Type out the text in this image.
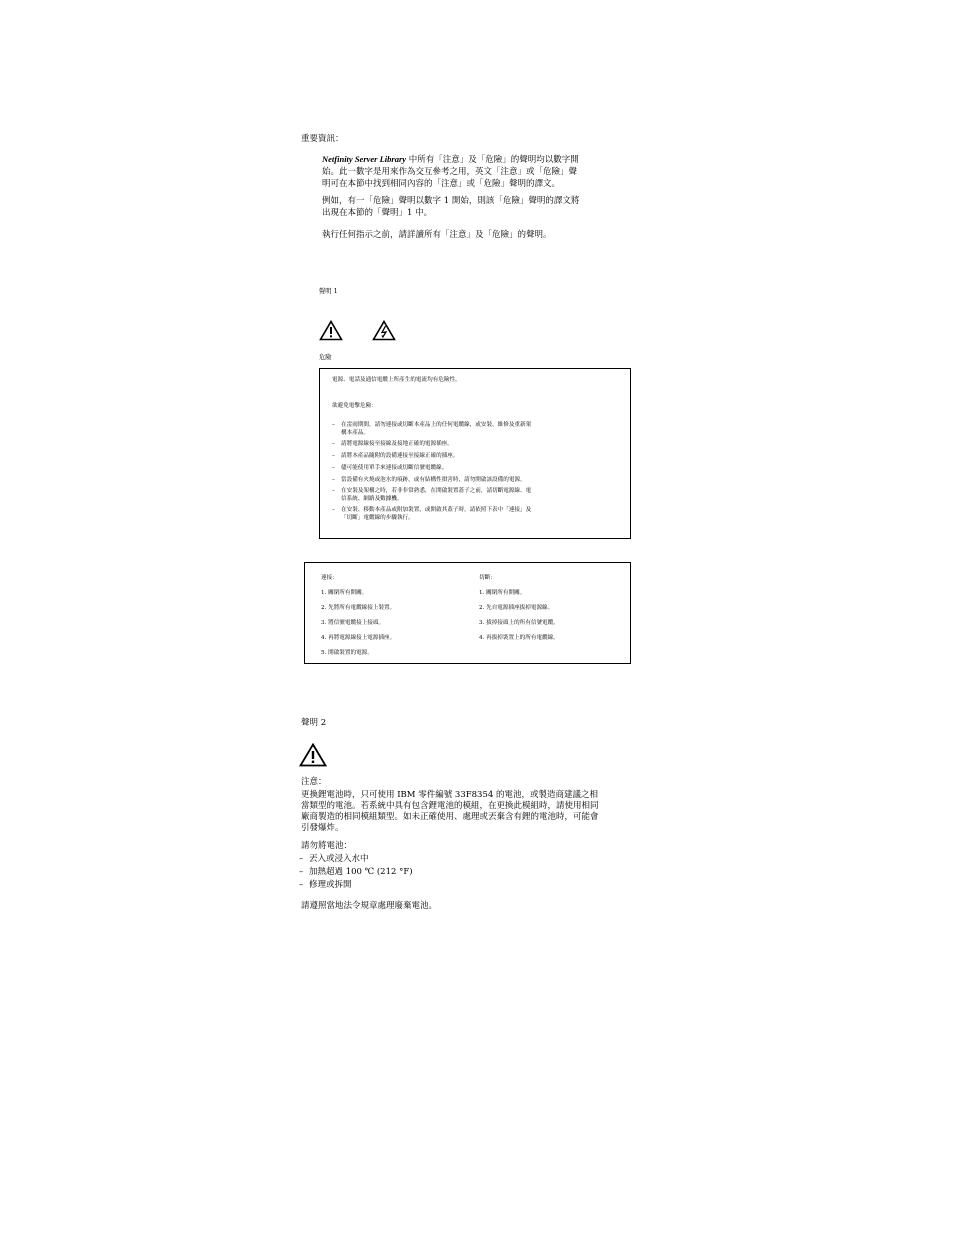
重要資訊：
Netfinity Server Library 中所有「注意」及「危險」的聲明均以數字開
始。此一數字是用來作為交互參考之用，英文「注意」或「危險」聲
明可在本節中找到相同內容的「注意」或「危險」聲明的譯文。
例如，有一「危險」聲明以數字 1 開始，則該「危險」聲明的譯文將
出現在本節的「聲明」1 中。
執行任何指示之前，請詳讀所有「注意」及「危險」的聲明。
聲明 1
危險
電源、電話及通信電纜上所產生的電流均有危險性。
欲避免電擊危險：
– 在雷雨期間，請勿連接或切斷本產品上的任何電纜線，或安裝、維修及重新架
構本產品。
– 請將電源線接至接線及接地正確的電源插座。
– 請將本產品隨附的設備連接至接線正確的插座。
– 儘可能使用單手來連接或切斷信號電纜線。
– 當設備有火燒或泡水的痕跡，或有結構性損害時，請勿開啟該設備的電源。
– 在安裝及架構之時，若非非常熟悉，在開啟裝置蓋子之前，請切斷電源線、電
信系統、網路及數據機。
– 在安裝、移動本產品或附加裝置，或開啟其蓋子時，請依照下表中「連接」及
「切斷」電纜線的步驟執行。
連接：
1. 關閉所有開關。
2. 先將所有電纜線接上裝置。
3. 將信號電纜接上接頭。
4. 再將電源線接上電源插座。
5. 開啟裝置的電源。
切斷：
1. 關閉所有開關。
2. 先自電源插座拔掉電源線。
3. 拔掉接頭上的所有信號電纜。
4. 再拔掉裝置上的所有電纜線。
聲明 2
注意：
更換鋰電池時，只可使用 IBM 零件編號 33F8354 的電池，或製造商建議之相
當類型的電池。若系統中具有包含鋰電池的模組，在更換此模組時，請使用相同
廠商製造的相同模組類型。如未正確使用、處理或丟棄含有鋰的電池時，可能會
引發爆炸。
請勿將電池：
– 丟入或浸入水中
– 加熱超過 100 ℃ (212 °F)
– 修理或拆開
請遵照當地法令規章處理廢棄電池。
